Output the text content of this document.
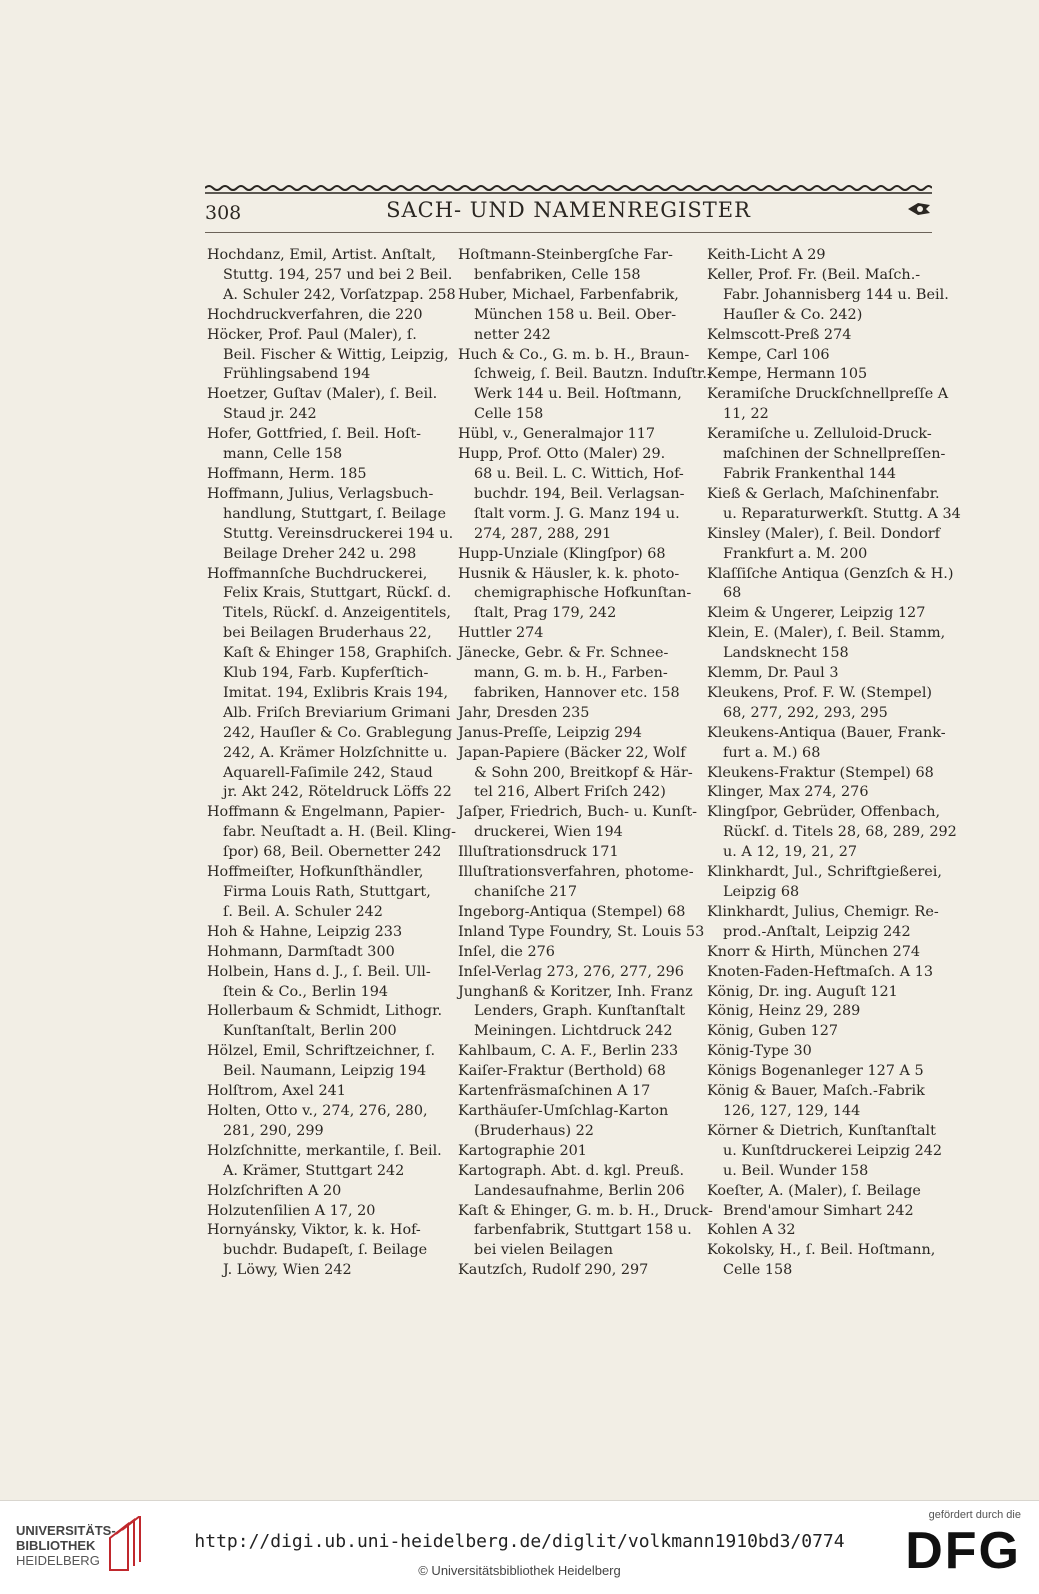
308	SACH- UND NAMENREGISTER

Hochdanz, Emil, Artist. Anſtalt,
Stuttg. 194, 257 und bei 2 Beil.
A. Schuler 242, Vorſatzpap. 258

Hochdruckverfahren, die 220

Höcker, Prof. Paul (Maler), ſ.
Beil. Fischer & Wittig, Leipzig,
Frühlingsabend 194

Hoetzer, Guſtav (Maler), ſ. Beil.
Staud jr. 242

Hofer, Gottfried, ſ. Beil. Hoſt-
mann, Celle 158

Hoffmann, Herm. 185

Hoffmann, Julius, Verlagsbuch-
handlung, Stuttgart, ſ. Beilage
Stuttg. Vereinsdruckerei 194 u.
Beilage Dreher 242 u. 298

Hoffmannſche Buchdruckerei,
Felix Krais, Stuttgart, Rückſ. d.
Titels, Rückſ. d. Anzeigentitels,
bei Beilagen Bruderhaus 22,
Kaſt & Ehinger 158, Graphiſch.
Klub 194, Farb. Kupferſtich-
Imitat. 194, Exlibris Krais 194,
Alb. Friſch Breviarium Grimani
242, Hauſler & Co. Grablegung
242, A. Krämer Holzſchnitte u.
Aquarell-Faſimile 242, Staud
jr. Akt 242, Röteldruck Löffs 22

Hoffmann & Engelmann, Papier-
fabr. Neuſtadt a. H. (Beil. Kling-
ſpor) 68, Beil. Obernetter 242

Hoffmeiſter, Hofkunſthändler,
Firma Louis Rath, Stuttgart,
ſ. Beil. A. Schuler 242

Hoh & Hahne, Leipzig 233

Hohmann, Darmſtadt 300

Holbein, Hans d. J., ſ. Beil. Ull-
ſtein & Co., Berlin 194

Hollerbaum & Schmidt, Lithogr.
Kunſtanſtalt, Berlin 200

Hölzel, Emil, Schriftzeichner, ſ.
Beil. Naumann, Leipzig 194

Holſtrom, Axel 241

Holten, Otto v., 274, 276, 280,
281, 290, 299

Holzſchnitte, merkantile, ſ. Beil.
A. Krämer, Stuttgart 242

Holzſchriften A 20

Holzutenſilien A 17, 20

Hornyánsky, Viktor, k. k. Hof-
buchdr. Budapeſt, ſ. Beilage
J. Löwy, Wien 242

Hoſtmann-Steinbergſche Far-
benfabriken, Celle 158

Huber, Michael, Farbenfabrik,
München 158 u. Beil. Ober-
netter 242

Huch & Co., G. m. b. H., Braun-
ſchweig, ſ. Beil. Bautzn. Induſtr.-
Werk 144 u. Beil. Hoſtmann,
Celle 158

Hübl, v., Generalmajor 117

Hupp, Prof. Otto (Maler) 29.
68 u. Beil. L. C. Wittich, Hof-
buchdr. 194, Beil. Verlagsan-
ſtalt vorm. J. G. Manz 194 u.
274, 287, 288, 291

Hupp-Unziale (Klingſpor) 68

Husnik & Häusler, k. k. photo-
chemigraphische Hofkunſtan-
ſtalt, Prag 179, 242

Huttler 274

Jänecke, Gebr. & Fr. Schnee-
mann, G. m. b. H., Farben-
fabriken, Hannover etc. 158

Jahr, Dresden 235

Janus-Preſſe, Leipzig 294

Japan-Papiere (Bäcker 22, Wolf
& Sohn 200, Breitkopf & Här-
tel 216, Albert Friſch 242)

Jaſper, Friedrich, Buch- u. Kunſt-
druckerei, Wien 194

Illuſtrationsdruck 171

Illuſtrationsverfahren, photome-
chaniſche 217

Ingeborg-Antiqua (Stempel) 68

Inland Type Foundry, St. Louis 53

Inſel, die 276

Inſel-Verlag 273, 276, 277, 296

Junghanß & Koritzer, Inh. Franz
Lenders, Graph. Kunſtanſtalt
Meiningen. Lichtdruck 242

Kahlbaum, C. A. F., Berlin 233

Kaiſer-Fraktur (Berthold) 68

Kartenfräsmaſchinen A 17

Karthäuſer-Umſchlag-Karton
(Bruderhaus) 22

Kartographie 201

Kartograph. Abt. d. kgl. Preuß.
Landesaufnahme, Berlin 206

Kaſt & Ehinger, G. m. b. H., Druck-
farbenfabrik, Stuttgart 158 u.
bei vielen Beilagen

Kautzſch, Rudolf 290, 297

Keith-Licht A 29

Keller, Prof. Fr. (Beil. Maſch.-
Fabr. Johannisberg 144 u. Beil.
Hauſler & Co. 242)

Kelmscott-Preß 274

Kempe, Carl 106

Kempe, Hermann 105

Keramiſche Druckſchnellpreſſe A
11, 22

Keramiſche u. Zelluloid-Druck-
maſchinen der Schnellpreſſen-
Fabrik Frankenthal 144

Kieß & Gerlach, Maſchinenfabr.
u. Reparaturwerkſt. Stuttg. A 34

Kinsley (Maler), ſ. Beil. Dondorf
Frankfurt a. M. 200

Klaſſiſche Antiqua (Genzſch & H.)
68

Kleim & Ungerer, Leipzig 127

Klein, E. (Maler), ſ. Beil. Stamm,
Landsknecht 158

Klemm, Dr. Paul 3

Kleukens, Prof. F. W. (Stempel)
68, 277, 292, 293, 295

Kleukens-Antiqua (Bauer, Frank-
furt a. M.) 68

Kleukens-Fraktur (Stempel) 68

Klinger, Max 274, 276

Klingſpor, Gebrüder, Offenbach,
Rückſ. d. Titels 28, 68, 289, 292
u. A 12, 19, 21, 27

Klinkhardt, Jul., Schriftgießerei,
Leipzig 68

Klinkhardt, Julius, Chemigr. Re-
prod.-Anſtalt, Leipzig 242

Knorr & Hirth, München 274

Knoten-Faden-Heftmaſch. A 13

König, Dr. ing. Auguſt 121

König, Heinz 29, 289

König, Guben 127

König-Type 30

Königs Bogenanleger 127 A 5

König & Bauer, Maſch.-Fabrik
126, 127, 129, 144

Körner & Dietrich, Kunſtanſtalt
u. Kunſtdruckerei Leipzig 242
u. Beil. Wunder 158

Koeſter, A. (Maler), ſ. Beilage
Brend'amour Simhart 242

Kohlen A 32

Kokolsky, H., ſ. Beil. Hoſtmann,
Celle 158

UNIVERSITÄTS-
BIBLIOTHEK
HEIDELBERG
http://digi.ub.uni-heidelberg.de/diglit/volkmann1910bd3/0774
© Universitätsbibliothek Heidelberg
gefördert durch die
DFG
